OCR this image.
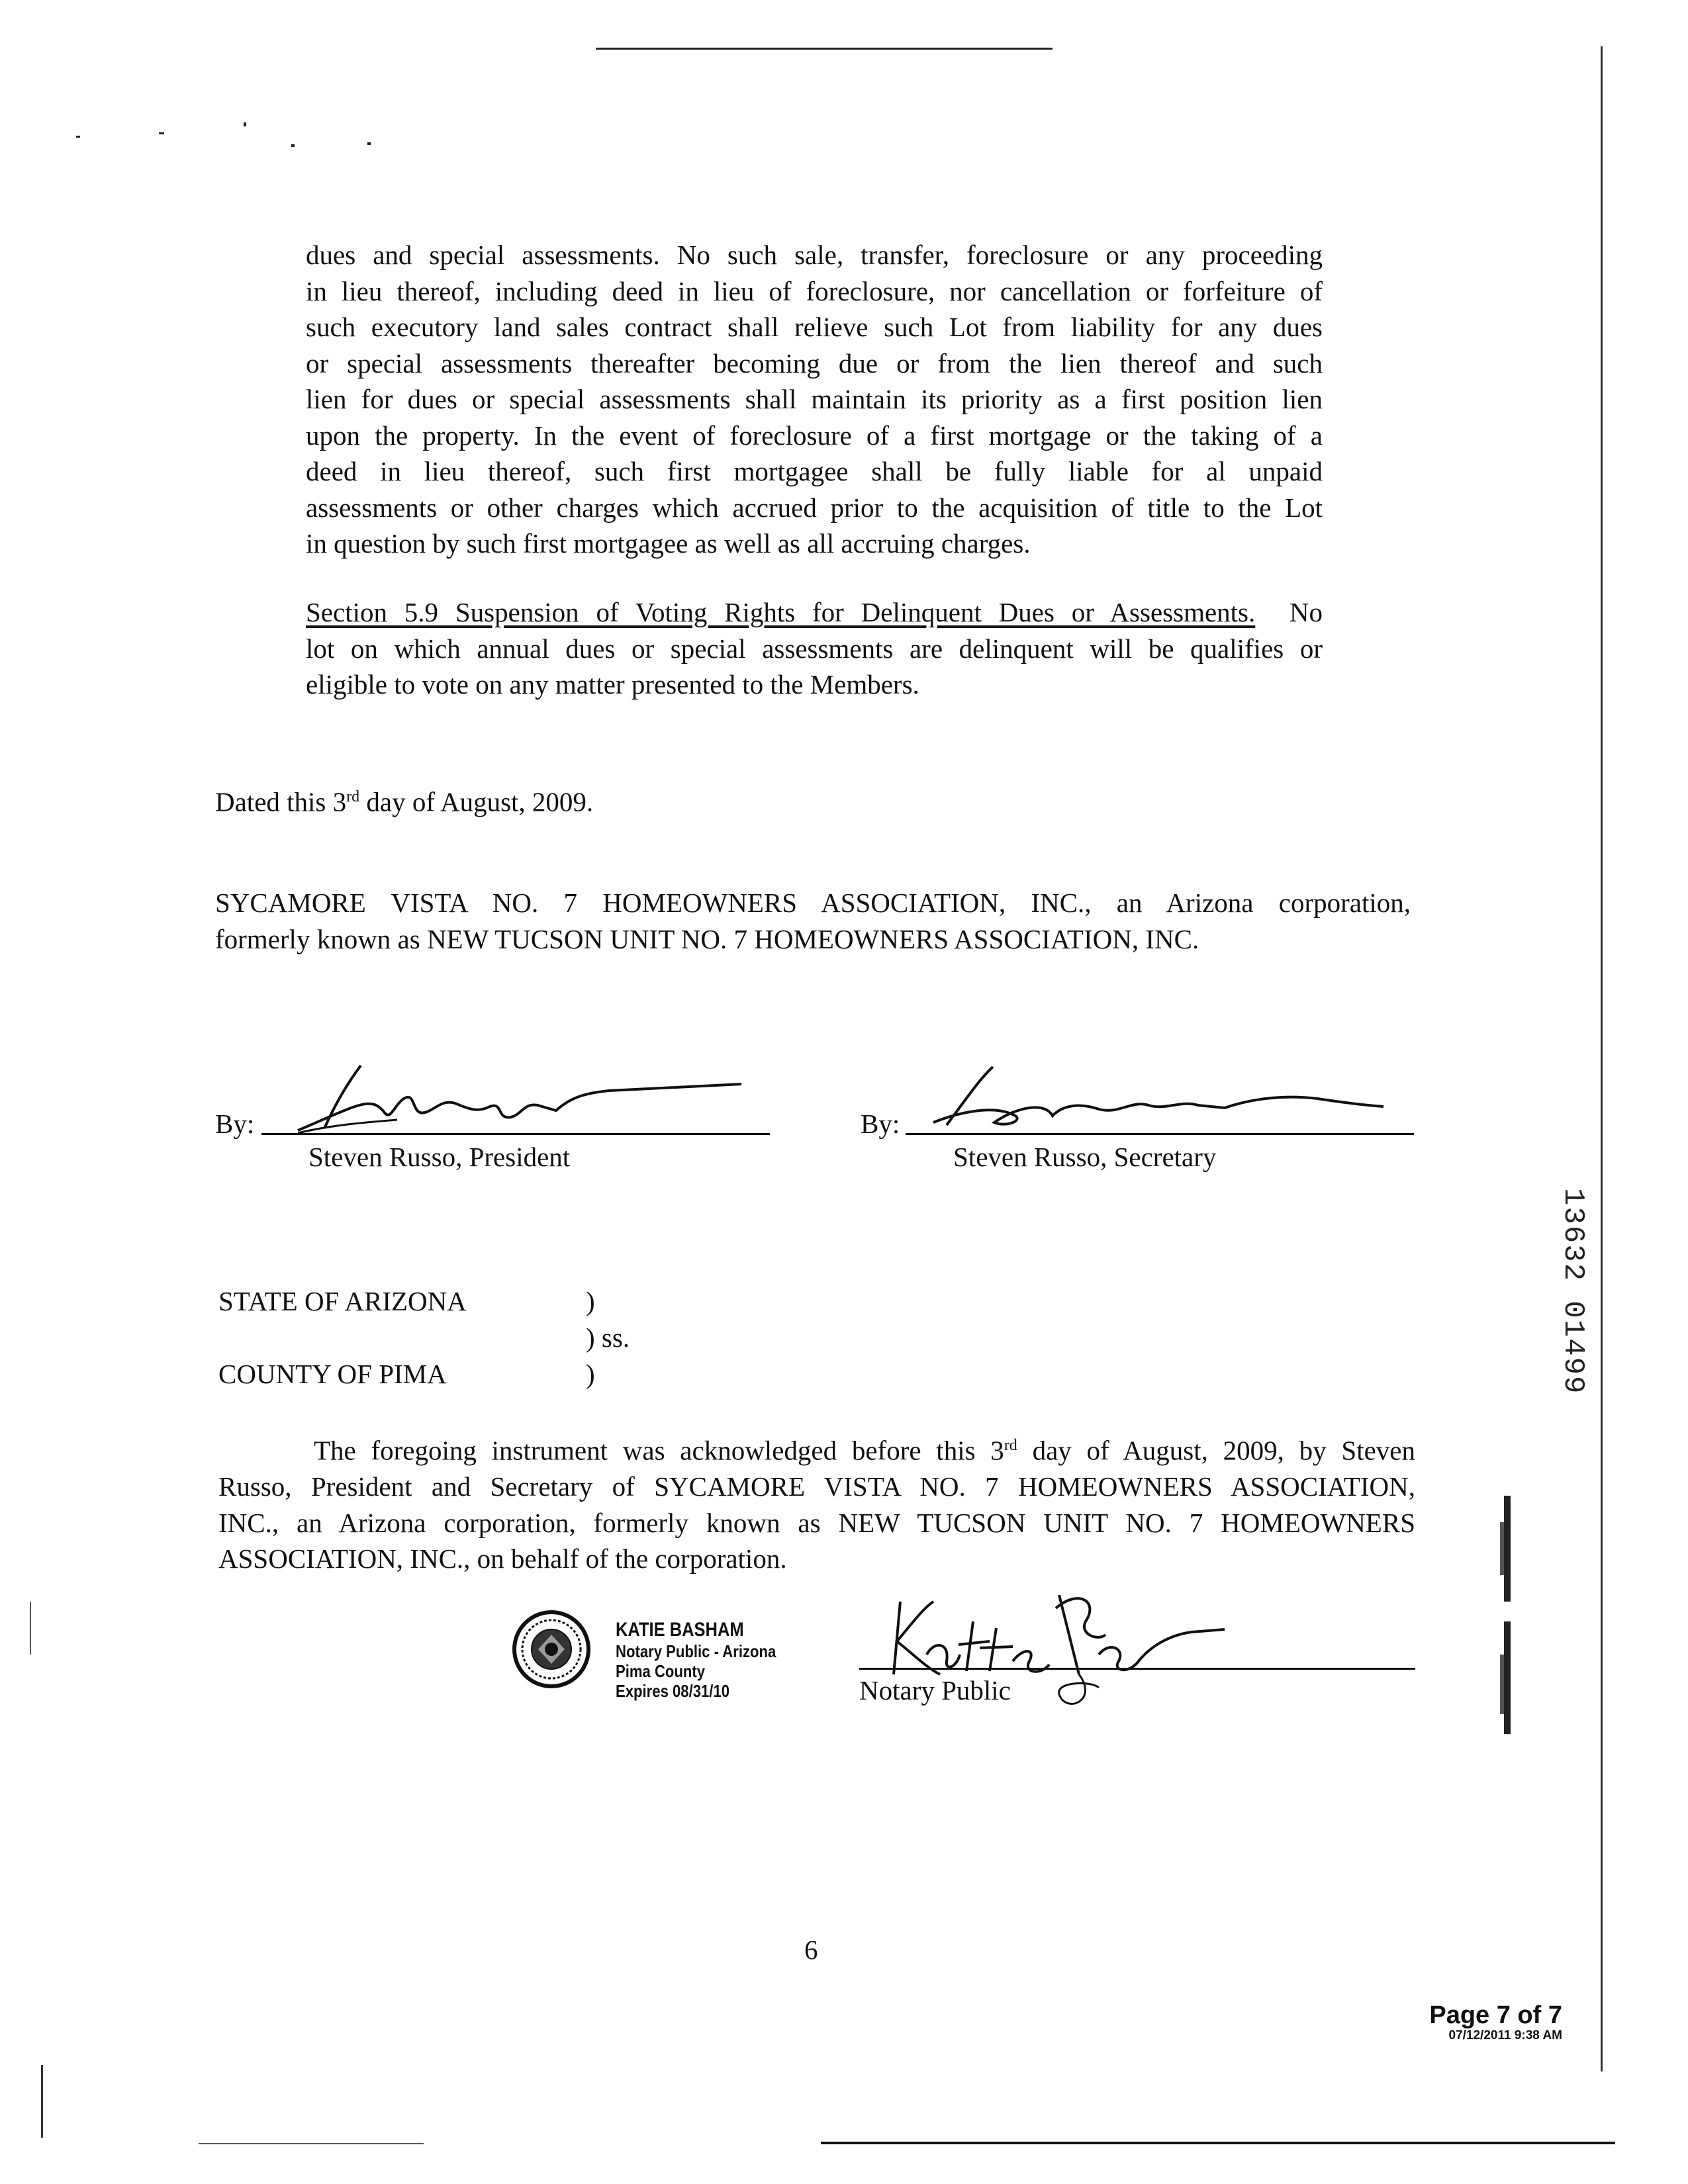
dues and special assessments. No such sale, transfer, foreclosure or any proceeding
in lieu thereof, including deed in lieu of foreclosure, nor cancellation or forfeiture of
such executory land sales contract shall relieve such Lot from liability for any dues
or special assessments thereafter becoming due or from the lien thereof and such
lien for dues or special assessments shall maintain its priority as a first position lien
upon the property. In the event of foreclosure of a first mortgage or the taking of a
deed in lieu thereof, such first mortgagee shall be fully liable for al unpaid
assessments or other charges which accrued prior to the acquisition of title to the Lot
in question by such first mortgagee as well as all accruing charges.
Section 5.9 Suspension of Voting Rights for Delinquent Dues or Assessments. No
lot on which annual dues or special assessments are delinquent will be qualifies or
eligible to vote on any matter presented to the Members.
Dated this 3rd day of August, 2009.
SYCAMORE VISTA NO. 7 HOMEOWNERS ASSOCIATION, INC., an Arizona corporation,
formerly known as NEW TUCSON UNIT NO. 7 HOMEOWNERS ASSOCIATION, INC.
By:
Steven Russo, President
By:
Steven Russo, Secretary
STATE OF ARIZONA	)
) ss.
COUNTY OF PIMA	)
The foregoing instrument was acknowledged before this 3rd day of August, 2009, by Steven
Russo, President and Secretary of SYCAMORE VISTA NO. 7 HOMEOWNERS ASSOCIATION,
INC., an Arizona corporation, formerly known as NEW TUCSON UNIT NO. 7 HOMEOWNERS
ASSOCIATION, INC., on behalf of the corporation.
KATIE BASHAM
Notary Public - Arizona
Pima County
Expires 08/31/10	Notary Public
13632 01499
6
Page 7 of 7
07/12/2011 9:38 AM
